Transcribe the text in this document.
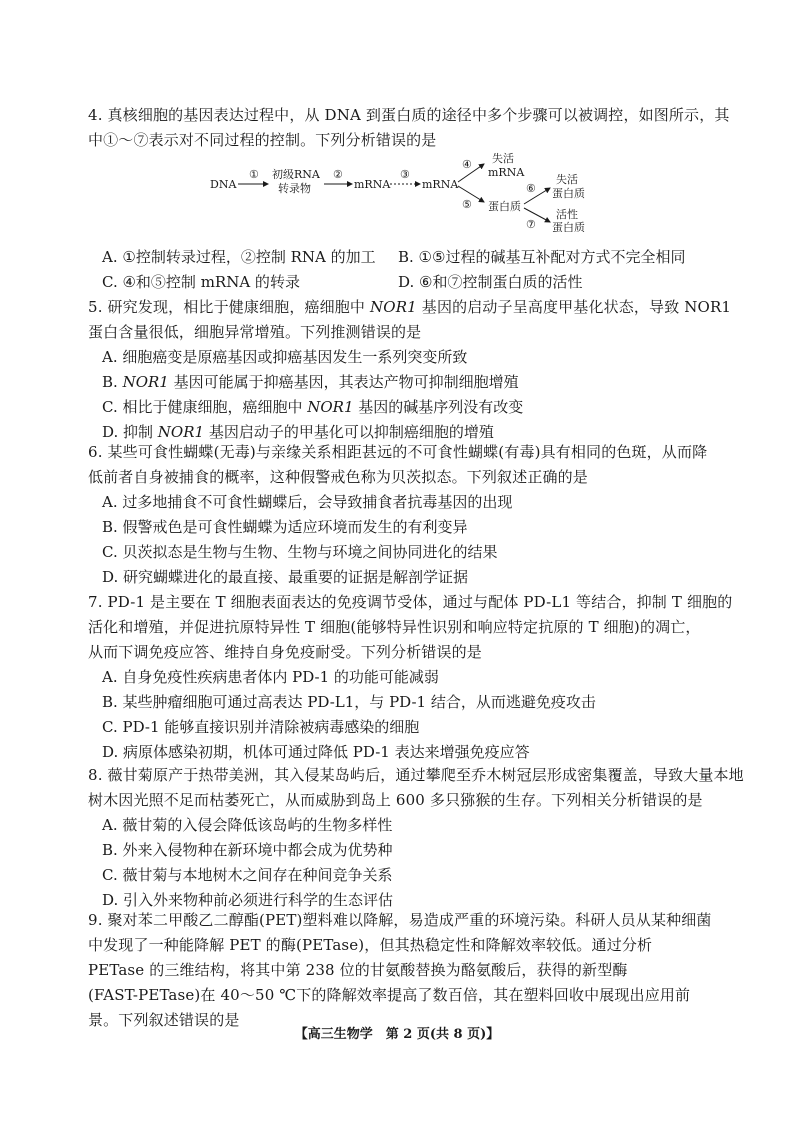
4. 真核细胞的基因表达过程中，从 DNA 到蛋白质的途径中多个步骤可以被调控，如图所示，其
中①～⑦表示对不同过程的控制。下列分析错误的是
DNA
① 初级RNA
转录物
②
mRNA
③
mRNA
④
⑤
失活
mRNA
蛋白质
⑥
⑦
失活
蛋白质
活性
蛋白质
A. ①控制转录过程，②控制 RNA 的加工	B. ①⑤过程的碱基互补配对方式不完全相同
C. ④和⑤控制 mRNA 的转录	D. ⑥和⑦控制蛋白质的活性
5. 研究发现，相比于健康细胞，癌细胞中 NOR1 基因的启动子呈高度甲基化状态，导致 NOR1
蛋白含量很低，细胞异常增殖。下列推测错误的是
A. 细胞癌变是原癌基因或抑癌基因发生一系列突变所致
B. NOR1 基因可能属于抑癌基因，其表达产物可抑制细胞增殖
C. 相比于健康细胞，癌细胞中 NOR1 基因的碱基序列没有改变
D. 抑制 NOR1 基因启动子的甲基化可以抑制癌细胞的增殖
6. 某些可食性蝴蝶(无毒)与亲缘关系相距甚远的不可食性蝴蝶(有毒)具有相同的色斑，从而降
低前者自身被捕食的概率，这种假警戒色称为贝茨拟态。下列叙述正确的是
A. 过多地捕食不可食性蝴蝶后，会导致捕食者抗毒基因的出现
B. 假警戒色是可食性蝴蝶为适应环境而发生的有利变异
C. 贝茨拟态是生物与生物、生物与环境之间协同进化的结果
D. 研究蝴蝶进化的最直接、最重要的证据是解剖学证据
7. PD-1 是主要在 T 细胞表面表达的免疫调节受体，通过与配体 PD-L1 等结合，抑制 T 细胞的
活化和增殖，并促进抗原特异性 T 细胞(能够特异性识别和响应特定抗原的 T 细胞)的凋亡，
从而下调免疫应答、维持自身免疫耐受。下列分析错误的是
A. 自身免疫性疾病患者体内 PD-1 的功能可能减弱
B. 某些肿瘤细胞可通过高表达 PD-L1，与 PD-1 结合，从而逃避免疫攻击
C. PD-1 能够直接识别并清除被病毒感染的细胞
D. 病原体感染初期，机体可通过降低 PD-1 表达来增强免疫应答
8. 薇甘菊原产于热带美洲，其入侵某岛屿后，通过攀爬至乔木树冠层形成密集覆盖，导致大量本地
树木因光照不足而枯萎死亡，从而威胁到岛上 600 多只猕猴的生存。下列相关分析错误的是
A. 薇甘菊的入侵会降低该岛屿的生物多样性
B. 外来入侵物种在新环境中都会成为优势种
C. 薇甘菊与本地树木之间存在种间竞争关系
D. 引入外来物种前必须进行科学的生态评估
9. 聚对苯二甲酸乙二醇酯(PET)塑料难以降解，易造成严重的环境污染。科研人员从某种细菌
中发现了一种能降解 PET 的酶(PETase)，但其热稳定性和降解效率较低。通过分析
PETase 的三维结构，将其中第 238 位的甘氨酸替换为酪氨酸后，获得的新型酶
(FAST-PETase)在 40～50 ℃下的降解效率提高了数百倍，其在塑料回收中展现出应用前
景。下列叙述错误的是
【高三生物学　第 2 页(共 8 页)】
